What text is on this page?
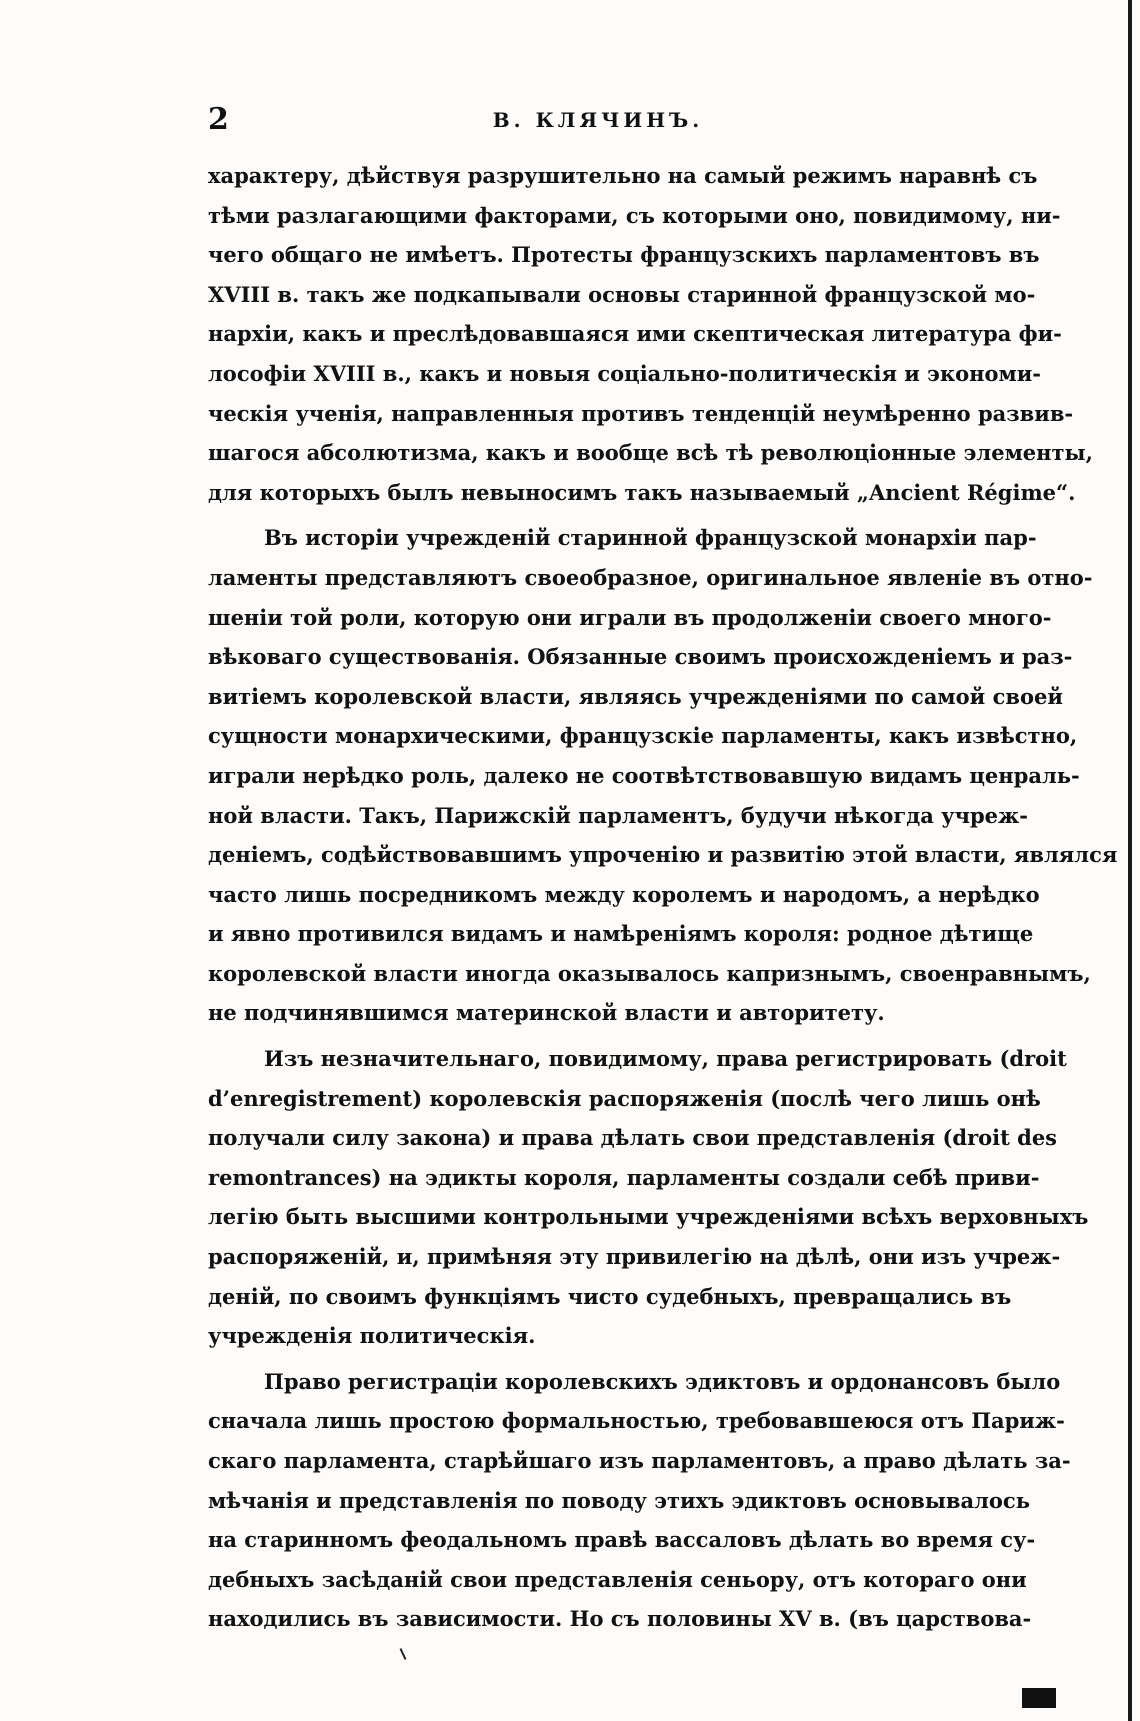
2	В. КЛЯЧИНЪ.
характеру, дѣйствуя разрушительно на самый режимъ наравнѣ съ
тѣми разлагающими факторами, съ которыми оно, повидимому, ни-
чего общаго не имѣетъ. Протесты французскихъ парламентовъ въ
XVIII в. такъ же подкапывали основы старинной французской мо-
нархіи, какъ и преслѣдовавшаяся ими скептическая литература фи-
лософіи XVIII в., какъ и новыя соціально-политическія и экономи-
ческія ученія, направленныя противъ тенденцій неумѣренно развив-
шагося абсолютизма, какъ и вообще всѣ тѣ революціонные элементы,
для которыхъ былъ невыносимъ такъ называемый „Ancient Régime“.
Въ исторіи учрежденій старинной французской монархіи пар-
ламенты представляютъ своеобразное, оригинальное явленіе въ отно-
шеніи той роли, которую они играли въ продолженіи своего много-
вѣковаго существованія. Обязанные своимъ происхожденіемъ и раз-
витіемъ королевской власти, являясь учрежденіями по самой своей
сущности монархическими, французскіе парламенты, какъ извѣстно,
играли нерѣдко роль, далеко не соотвѣтствовавшую видамъ ценраль-
ной власти. Такъ, Парижскій парламентъ, будучи нѣкогда учреж-
деніемъ, содѣйствовавшимъ упроченію и развитію этой власти, являлся
часто лишь посредникомъ между королемъ и народомъ, а нерѣдко
и явно противился видамъ и намѣреніямъ короля: родное дѣтище
королевской власти иногда оказывалось капризнымъ, своенравнымъ,
не подчинявшимся материнской власти и авторитету.
Изъ незначительнаго, повидимому, права регистрировать (droit
d’enregistrement) королевскія распоряженія (послѣ чего лишь онѣ
получали силу закона) и права дѣлать свои представленія (droit des
remontrances) на эдикты короля, парламенты создали себѣ приви-
легію быть высшими контрольными учрежденіями всѣхъ верховныхъ
распоряженій, и, примѣняя эту привилегію на дѣлѣ, они изъ учреж-
деній, по своимъ функціямъ чисто судебныхъ, превращались въ
учрежденія политическія.
Право регистраціи королевскихъ эдиктовъ и ордонансовъ было
сначала лишь простою формальностью, требовавшеюся отъ Париж-
скаго парламента, старѣйшаго изъ парламентовъ, а право дѣлать за-
мѣчанія и представленія по поводу этихъ эдиктовъ основывалось
на старинномъ феодальномъ правѣ вассаловъ дѣлать во время су-
дебныхъ засѣданій свои представленія сеньору, отъ котораго они
находились въ зависимости. Но съ половины XV в. (въ царствова-
